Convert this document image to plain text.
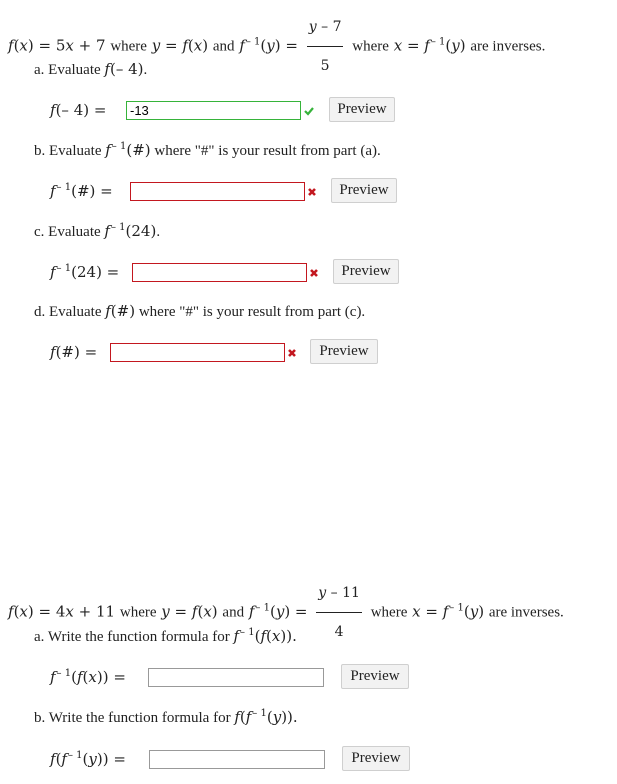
f(x) = 5x + 7 where y = f(x) and f $^{- 1}(y) = \frac{y - 7}{5}$ where x = f $^{- 1}$(y) are inverses.
a. Evaluate f(– 4).
f(– 4) =
-13	Preview
b. Evaluate f $^{- 1}$(#) where "#" is your result from part (a).
f $^{- 1}$(#) =	Preview
c. Evaluate f $^{- 1}$(24).
f $^{- 1}$(24) =	Preview
d. Evaluate f(#) where "#" is your result from part (c).
f(#) =	Preview
f(x) = 4x + 11 where y = f(x) and f $^{- 1}(y) = \frac{y - 11}{4}$ where x = f $^{- 1}$(y) are inverses.
a. Write the function formula for f $^{- 1}$(f(x)).
f $^{- 1}$(f(x)) =	Preview
b. Write the function formula for f(f $^{- 1}$(y)).
f(f $^{- 1}$(y)) =	Preview
